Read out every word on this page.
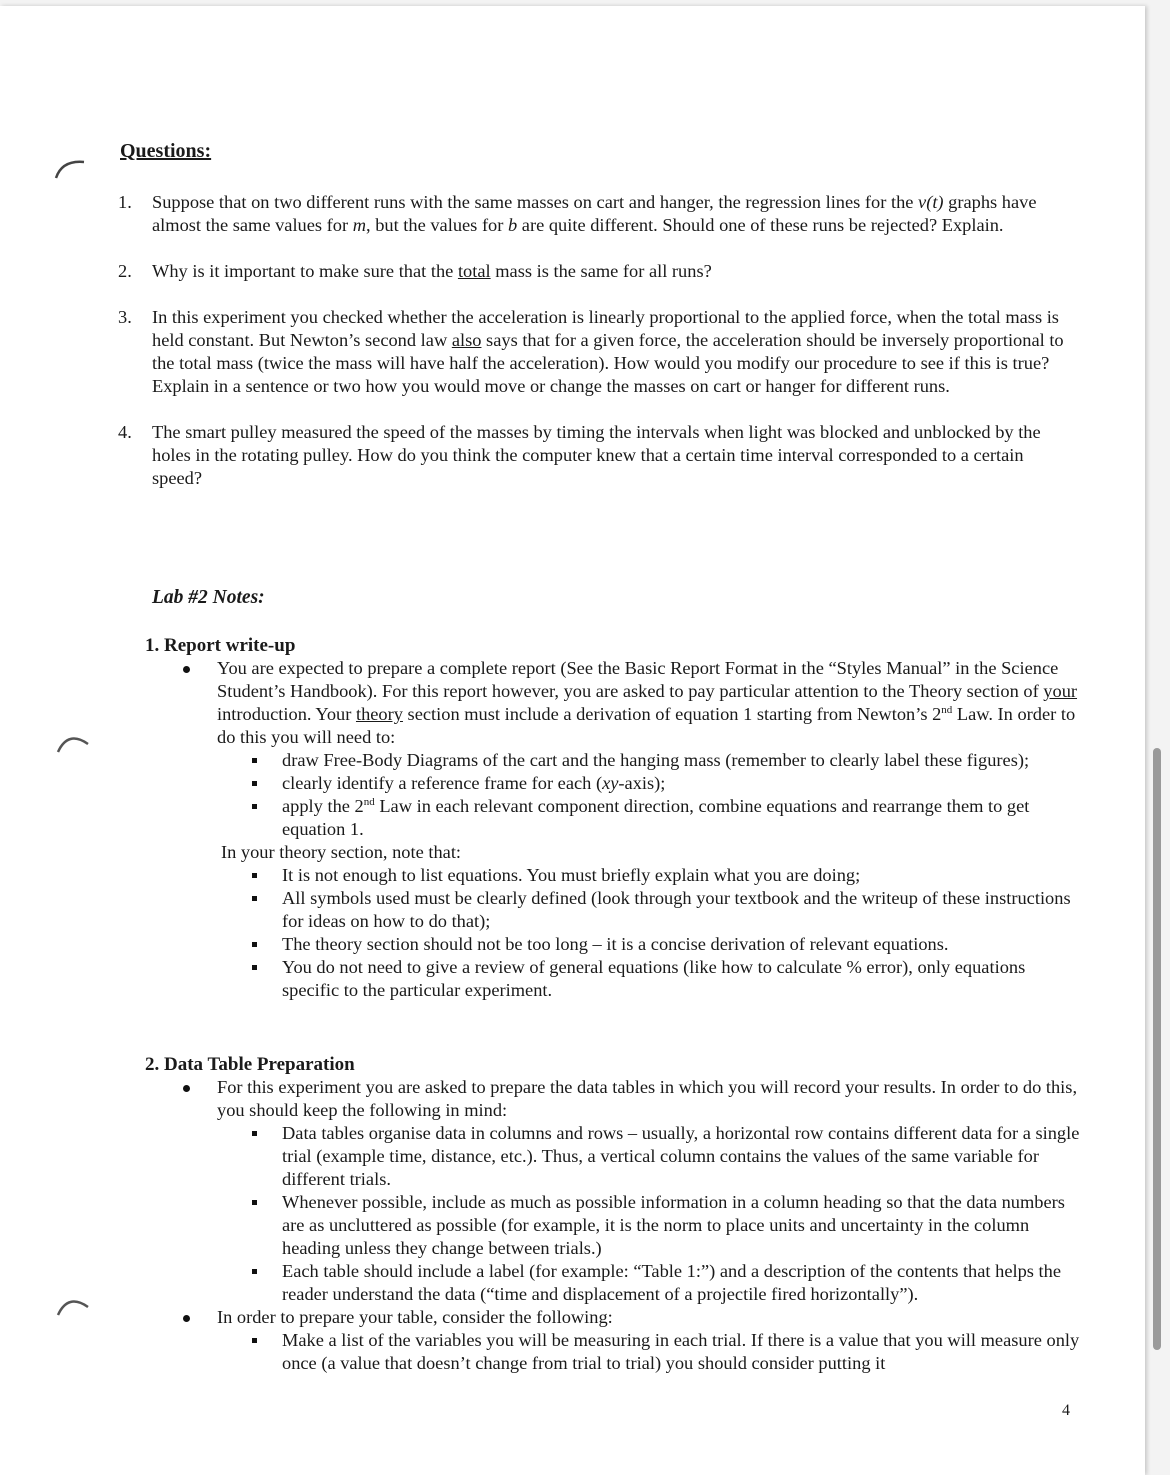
Questions:
1. Suppose that on two different runs with the same masses on cart and hanger, the regression lines for the v(t) graphs have almost the same values for m, but the values for b are quite different. Should one of these runs be rejected? Explain.
2. Why is it important to make sure that the total mass is the same for all runs?
3. In this experiment you checked whether the acceleration is linearly proportional to the applied force, when the total mass is held constant. But Newton’s second law also says that for a given force, the acceleration should be inversely proportional to the total mass (twice the mass will have half the acceleration). How would you modify our procedure to see if this is true? Explain in a sentence or two how you would move or change the masses on cart or hanger for different runs.
4. The smart pulley measured the speed of the masses by timing the intervals when light was blocked and unblocked by the holes in the rotating pulley. How do you think the computer knew that a certain time interval corresponded to a certain speed?
Lab #2 Notes:
1. Report write-up
You are expected to prepare a complete report (See the Basic Report Format in the “Styles Manual” in the Science Student’s Handbook). For this report however, you are asked to pay particular attention to the Theory section of your introduction. Your theory section must include a derivation of equation 1 starting from Newton’s 2nd Law. In order to do this you will need to:
draw Free-Body Diagrams of the cart and the hanging mass (remember to clearly label these figures);
clearly identify a reference frame for each (xy-axis);
apply the 2nd Law in each relevant component direction, combine equations and rearrange them to get equation 1.
In your theory section, note that:
It is not enough to list equations. You must briefly explain what you are doing;
All symbols used must be clearly defined (look through your textbook and the writeup of these instructions for ideas on how to do that);
The theory section should not be too long – it is a concise derivation of relevant equations.
You do not need to give a review of general equations (like how to calculate % error), only equations specific to the particular experiment.
2. Data Table Preparation
For this experiment you are asked to prepare the data tables in which you will record your results. In order to do this, you should keep the following in mind:
Data tables organise data in columns and rows – usually, a horizontal row contains different data for a single trial (example time, distance, etc.). Thus, a vertical column contains the values of the same variable for different trials.
Whenever possible, include as much as possible information in a column heading so that the data numbers are as uncluttered as possible (for example, it is the norm to place units and uncertainty in the column heading unless they change between trials.)
Each table should include a label (for example: “Table 1:”) and a description of the contents that helps the reader understand the data (“time and displacement of a projectile fired horizontally”).
In order to prepare your table, consider the following:
Make a list of the variables you will be measuring in each trial. If there is a value that you will measure only once (a value that doesn’t change from trial to trial) you should consider putting it
4
